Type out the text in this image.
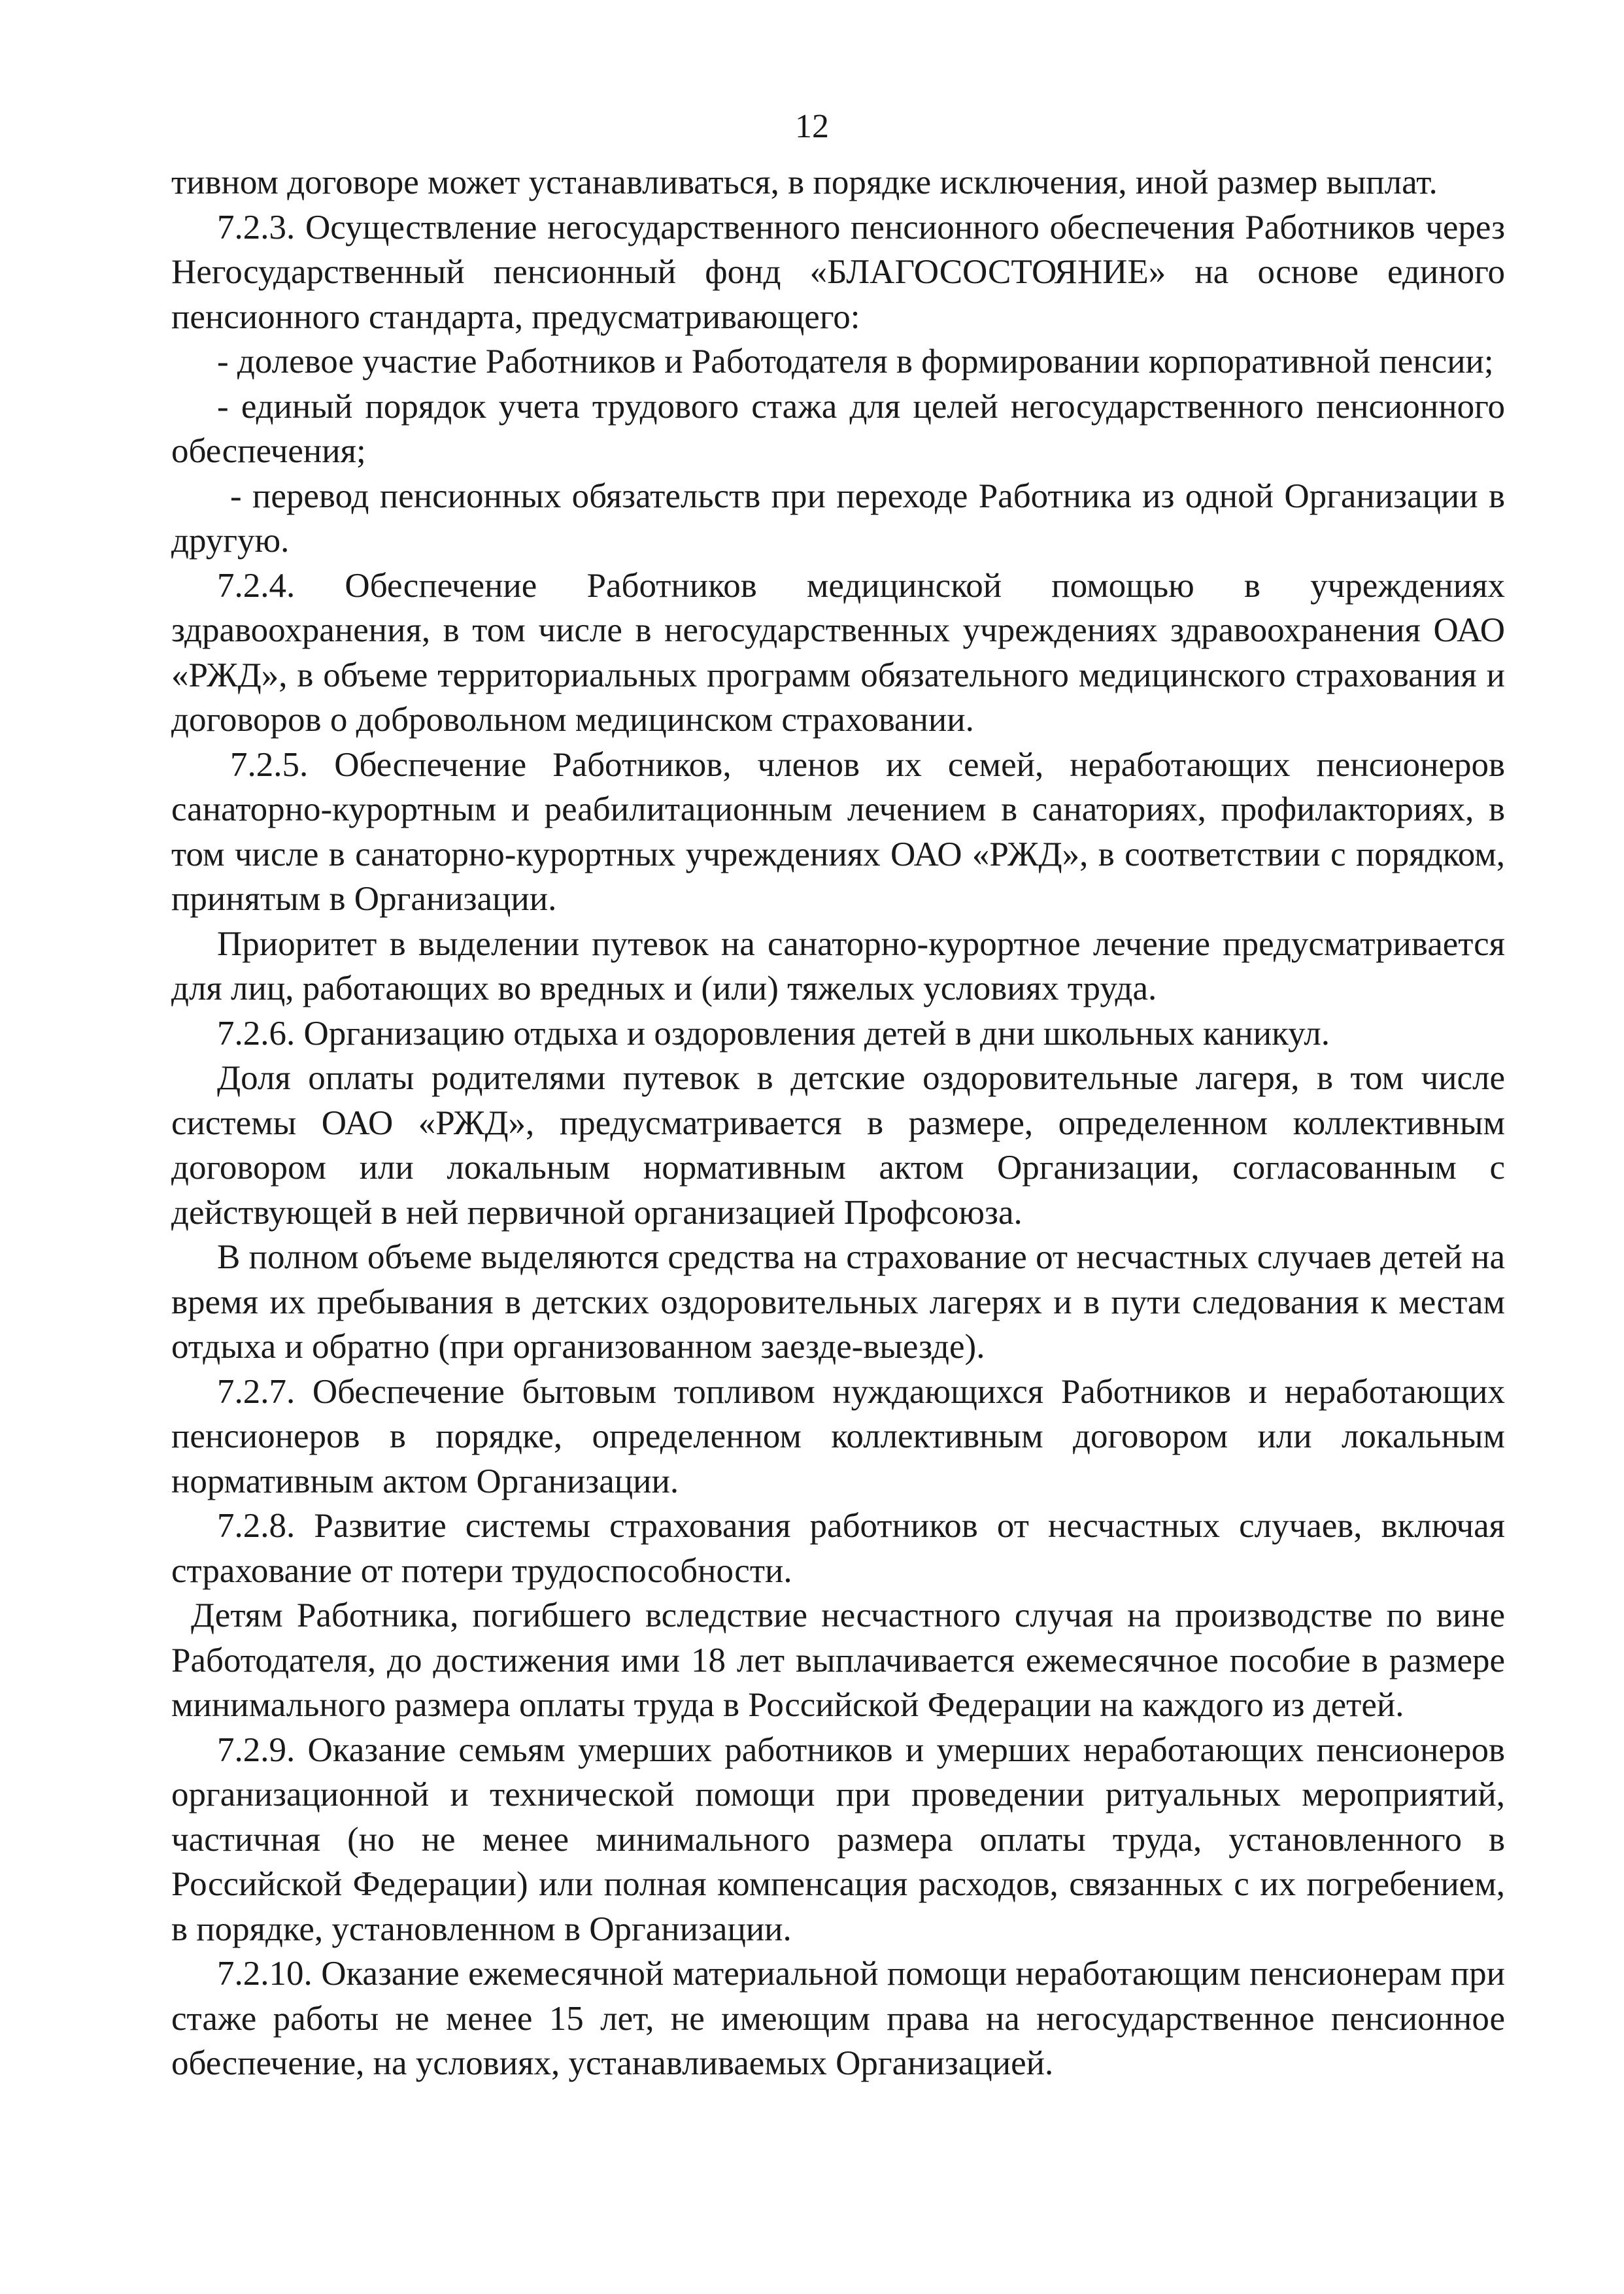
12

тивном договоре может устанавливаться, в порядке исключения, иной размер выплат.

7.2.3. Осуществление негосударственного пенсионного обеспечения Работников через Негосударственный пенсионный фонд «БЛАГОСОСТОЯНИЕ» на основе единого пенсионного стандарта, предусматривающего:

- долевое участие Работников и Работодателя в формировании корпоративной пенсии;

- единый порядок учета трудового стажа для целей негосударственного пенсионного обеспечения;

- перевод пенсионных обязательств при переходе Работника из одной Организации в другую.

7.2.4. Обеспечение Работников медицинской помощью в учреждениях здравоохранения, в том числе в негосударственных учреждениях здравоохранения ОАО «РЖД», в объеме территориальных программ обязательного медицинского страхования и договоров о добровольном медицинском страховании.

7.2.5. Обеспечение Работников, членов их семей, неработающих пенсионеров санаторно-курортным и реабилитационным лечением в санаториях, профилакториях, в том числе в санаторно-курортных учреждениях ОАО «РЖД», в соответствии с порядком, принятым в Организации.

Приоритет в выделении путевок на санаторно-курортное лечение предусматривается для лиц, работающих во вредных и (или) тяжелых условиях труда.

7.2.6. Организацию отдыха и оздоровления детей в дни школьных каникул.

Доля оплаты родителями путевок в детские оздоровительные лагеря, в том числе системы ОАО «РЖД», предусматривается в размере, определенном коллективным договором или локальным нормативным актом Организации, согласованным с действующей в ней первичной организацией Профсоюза.

В полном объеме выделяются средства на страхование от несчастных случаев детей на время их пребывания в детских оздоровительных лагерях и в пути следования к местам отдыха и обратно (при организованном заезде-выезде).

7.2.7. Обеспечение бытовым топливом нуждающихся Работников и неработающих пенсионеров в порядке, определенном коллективным договором или локальным нормативным актом Организации.

7.2.8. Развитие системы страхования работников от несчастных случаев, включая страхование от потери трудоспособности.

Детям Работника, погибшего вследствие несчастного случая на производстве по вине Работодателя, до достижения ими 18 лет выплачивается ежемесячное пособие в размере минимального размера оплаты труда в Российской Федерации на каждого из детей.

7.2.9. Оказание семьям умерших работников и умерших неработающих пенсионеров организационной и технической помощи при проведении ритуальных мероприятий, частичная (но не менее минимального размера оплаты труда, установленного в Российской Федерации) или полная компенсация расходов, связанных с их погребением, в порядке, установленном в Организации.

7.2.10. Оказание ежемесячной материальной помощи неработающим пенсионерам при стаже работы не менее 15 лет, не имеющим права на негосударственное пенсионное обеспечение, на условиях, устанавливаемых Организацией.
